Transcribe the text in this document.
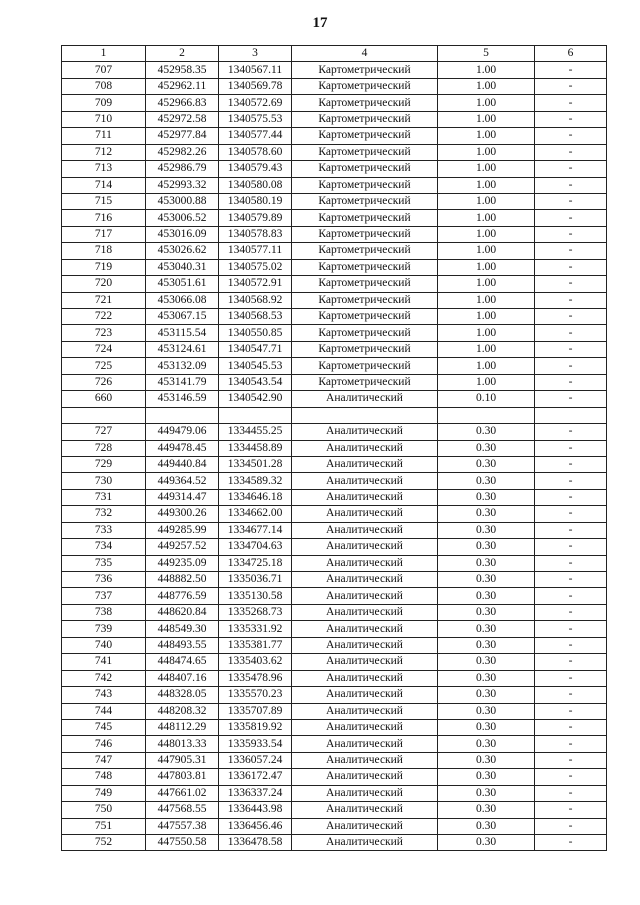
17
1	2	3	4	5	6
707	452958.35	1340567.11	Картометрический	1.00	-
708	452962.11	1340569.78	Картометрический	1.00	-
709	452966.83	1340572.69	Картометрический	1.00	-
710	452972.58	1340575.53	Картометрический	1.00	-
711	452977.84	1340577.44	Картометрический	1.00	-
712	452982.26	1340578.60	Картометрический	1.00	-
713	452986.79	1340579.43	Картометрический	1.00	-
714	452993.32	1340580.08	Картометрический	1.00	-
715	453000.88	1340580.19	Картометрический	1.00	-
716	453006.52	1340579.89	Картометрический	1.00	-
717	453016.09	1340578.83	Картометрический	1.00	-
718	453026.62	1340577.11	Картометрический	1.00	-
719	453040.31	1340575.02	Картометрический	1.00	-
720	453051.61	1340572.91	Картометрический	1.00	-
721	453066.08	1340568.92	Картометрический	1.00	-
722	453067.15	1340568.53	Картометрический	1.00	-
723	453115.54	1340550.85	Картометрический	1.00	-
724	453124.61	1340547.71	Картометрический	1.00	-
725	453132.09	1340545.53	Картометрический	1.00	-
726	453141.79	1340543.54	Картометрический	1.00	-
660	453146.59	1340542.90	Аналитический	0.10	-

727	449479.06	1334455.25	Аналитический	0.30	-
728	449478.45	1334458.89	Аналитический	0.30	-
729	449440.84	1334501.28	Аналитический	0.30	-
730	449364.52	1334589.32	Аналитический	0.30	-
731	449314.47	1334646.18	Аналитический	0.30	-
732	449300.26	1334662.00	Аналитический	0.30	-
733	449285.99	1334677.14	Аналитический	0.30	-
734	449257.52	1334704.63	Аналитический	0.30	-
735	449235.09	1334725.18	Аналитический	0.30	-
736	448882.50	1335036.71	Аналитический	0.30	-
737	448776.59	1335130.58	Аналитический	0.30	-
738	448620.84	1335268.73	Аналитический	0.30	-
739	448549.30	1335331.92	Аналитический	0.30	-
740	448493.55	1335381.77	Аналитический	0.30	-
741	448474.65	1335403.62	Аналитический	0.30	-
742	448407.16	1335478.96	Аналитический	0.30	-
743	448328.05	1335570.23	Аналитический	0.30	-
744	448208.32	1335707.89	Аналитический	0.30	-
745	448112.29	1335819.92	Аналитический	0.30	-
746	448013.33	1335933.54	Аналитический	0.30	-
747	447905.31	1336057.24	Аналитический	0.30	-
748	447803.81	1336172.47	Аналитический	0.30	-
749	447661.02	1336337.24	Аналитический	0.30	-
750	447568.55	1336443.98	Аналитический	0.30	-
751	447557.38	1336456.46	Аналитический	0.30	-
752	447550.58	1336478.58	Аналитический	0.30	-
